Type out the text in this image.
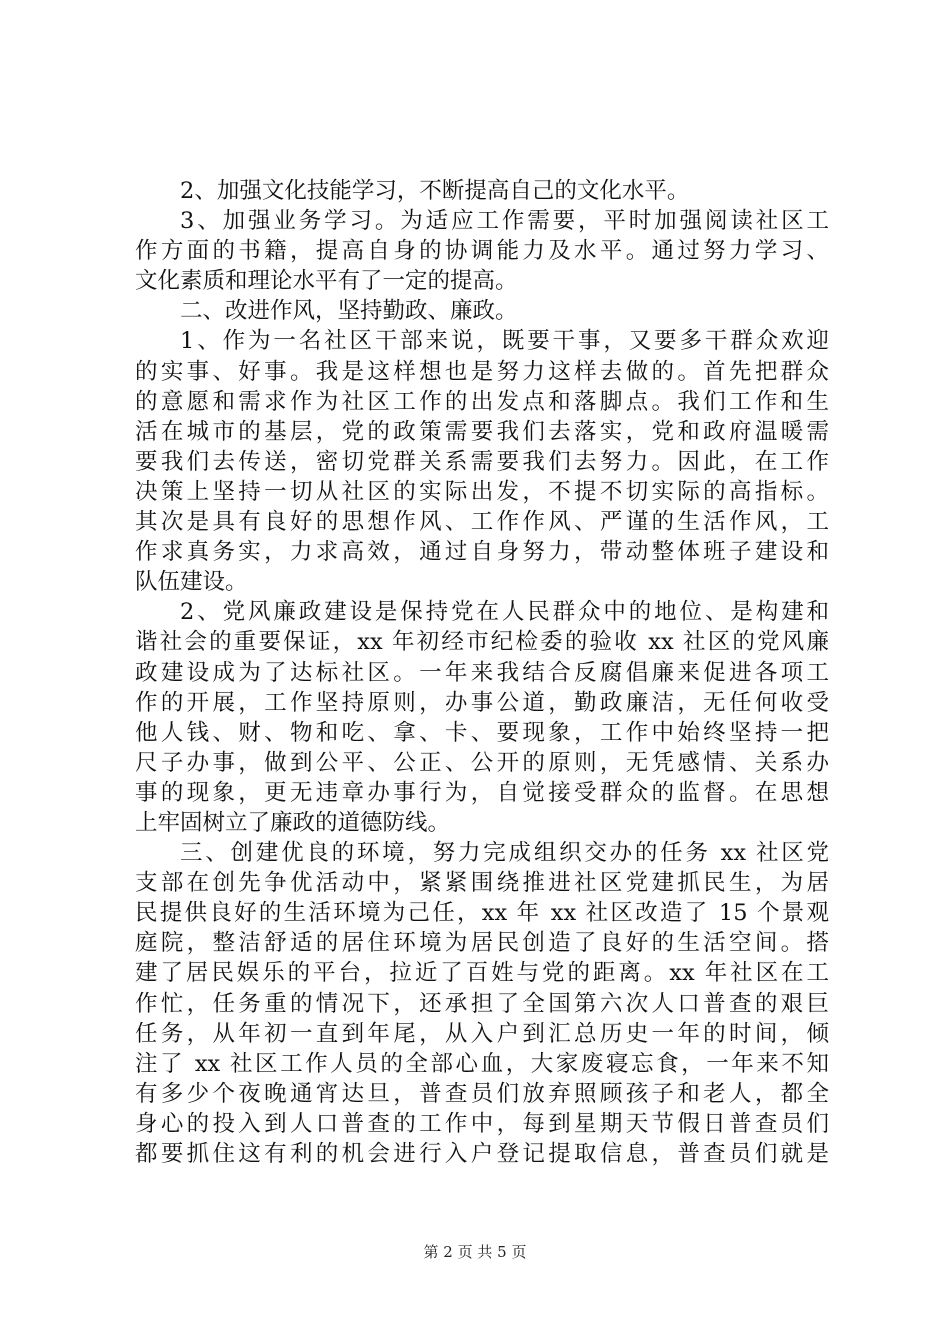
2、加强文化技能学习，不断提高自己的文化水平。
3、加强业务学习。为适应工作需要，平时加强阅读社区工
作方面的书籍，提高自身的协调能力及水平。通过努力学习、
文化素质和理论水平有了一定的提高。
二、改进作风，坚持勤政、廉政。
1、作为一名社区干部来说，既要干事，又要多干群众欢迎
的实事、好事。我是这样想也是努力这样去做的。首先把群众
的意愿和需求作为社区工作的出发点和落脚点。我们工作和生
活在城市的基层，党的政策需要我们去落实，党和政府温暖需
要我们去传送，密切党群关系需要我们去努力。因此，在工作
决策上坚持一切从社区的实际出发，不提不切实际的高指标。
其次是具有良好的思想作风、工作作风、严谨的生活作风，工
作求真务实，力求高效，通过自身努力，带动整体班子建设和
队伍建设。
2、党风廉政建设是保持党在人民群众中的地位、是构建和
谐社会的重要保证，xx 年初经市纪检委的验收 xx 社区的党风廉
政建设成为了达标社区。一年来我结合反腐倡廉来促进各项工
作的开展，工作坚持原则，办事公道，勤政廉洁，无任何收受
他人钱、财、物和吃、拿、卡、要现象，工作中始终坚持一把
尺子办事，做到公平、公正、公开的原则，无凭感情、关系办
事的现象，更无违章办事行为，自觉接受群众的监督。在思想
上牢固树立了廉政的道德防线。
三、创建优良的环境，努力完成组织交办的任务 xx 社区党
支部在创先争优活动中，紧紧围绕推进社区党建抓民生，为居
民提供良好的生活环境为己任，xx 年 xx 社区改造了 15 个景观
庭院，整洁舒适的居住环境为居民创造了良好的生活空间。搭
建了居民娱乐的平台，拉近了百姓与党的距离。xx 年社区在工
作忙，任务重的情况下，还承担了全国第六次人口普查的艰巨
任务，从年初一直到年尾，从入户到汇总历史一年的时间，倾
注了 xx 社区工作人员的全部心血，大家废寝忘食，一年来不知
有多少个夜晚通宵达旦，普查员们放弃照顾孩子和老人，都全
身心的投入到人口普查的工作中，每到星期天节假日普查员们
都要抓住这有利的机会进行入户登记提取信息，普查员们就是
第 2 页 共 5 页
